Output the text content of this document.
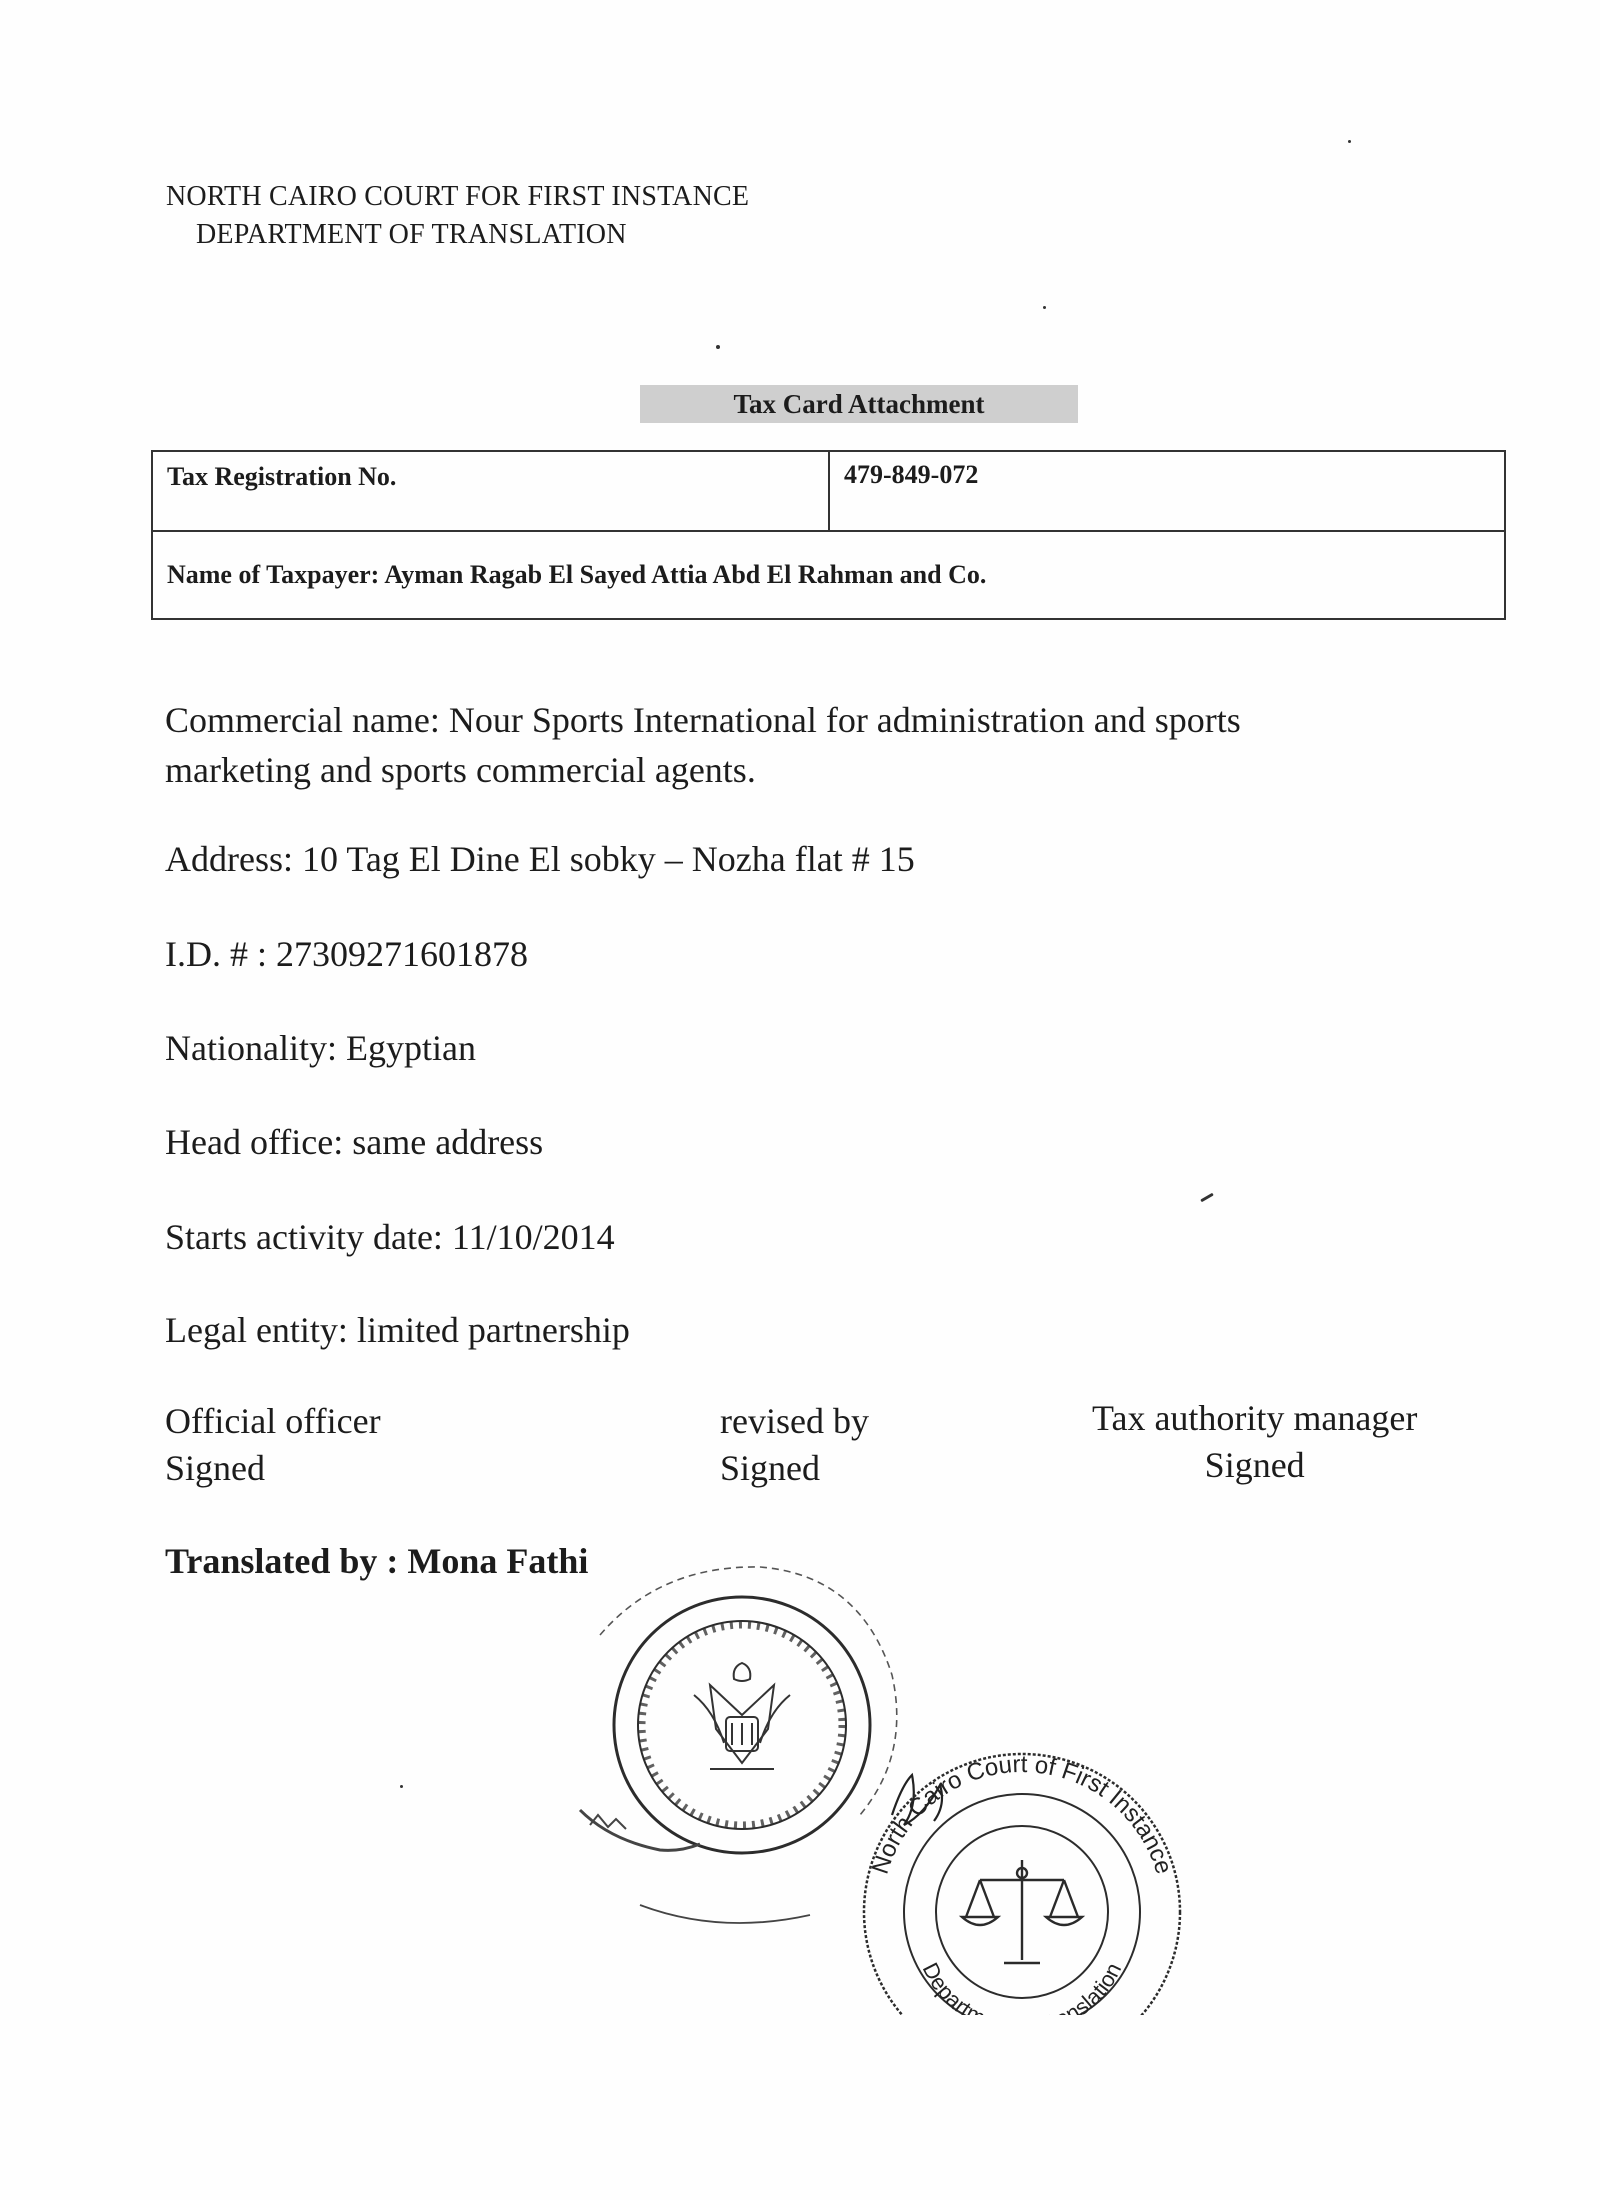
NORTH CAIRO COURT FOR FIRST INSTANCE
DEPARTMENT OF TRANSLATION
Tax Card Attachment
Tax Registration No.	479-849-072
Name of Taxpayer: Ayman Ragab El Sayed Attia Abd El Rahman and Co.
Commercial name: Nour Sports International for administration and sports
marketing and sports commercial agents.
Address: 10 Tag El Dine El sobky – Nozha flat # 15
I.D. # : 27309271601878
Nationality: Egyptian
Head office: same address
Starts activity date: 11/10/2014
Legal entity: limited partnership
Official officer
Signed
revised by
Signed
Tax authority manager
Signed
Translated by : Mona Fathi
North Cairo Court of First Instance
Depart nslation
